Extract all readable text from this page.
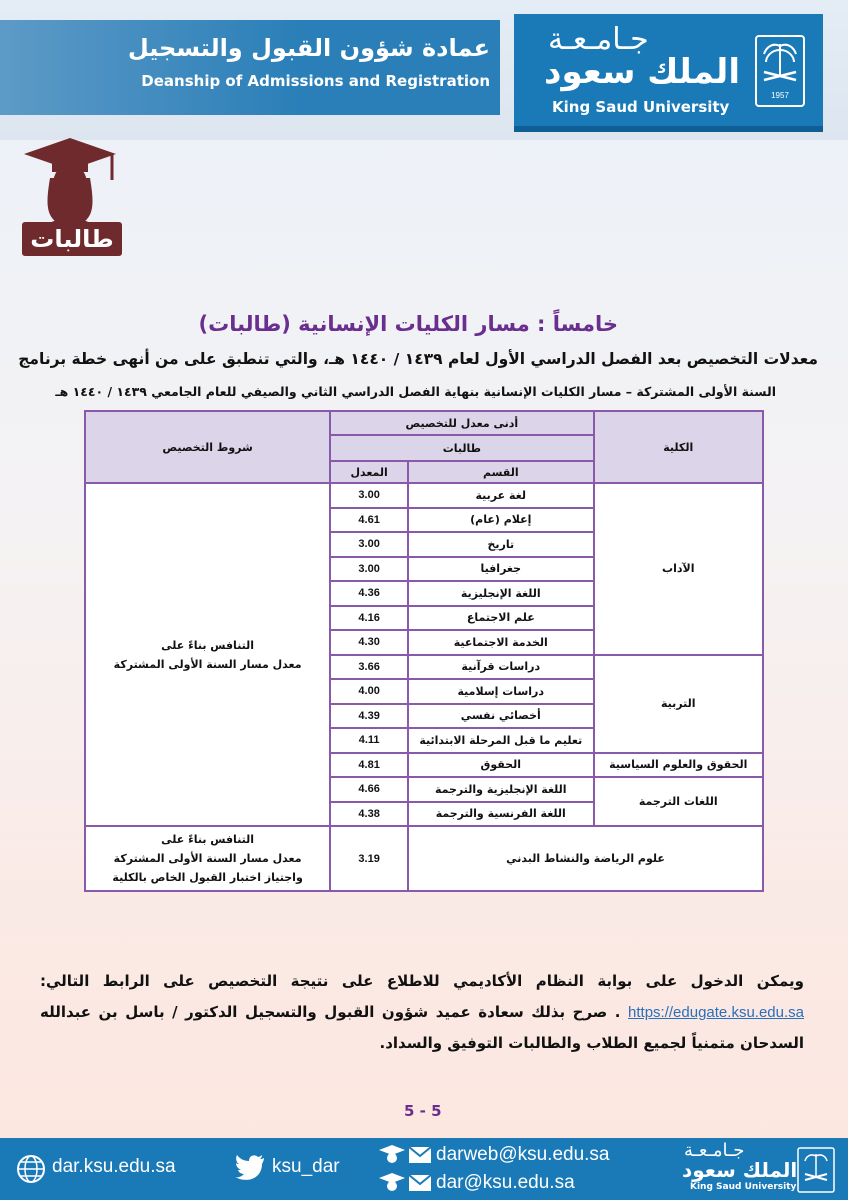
عمادة شؤون القبول والتسجيل
Deanship of Admissions and Registration
جـامـعـة
الملك سعود
King Saud University
1957
طالبات
خامساً : مسار الكليات الإنسانية (طالبات)
معدلات التخصيص بعد الفصل الدراسي الأول لعام ١٤٣٩ / ١٤٤٠ هـ، والتي تنطبق على من أنهى خطة برنامج
السنة الأولى المشتركة – مسار الكليات الإنسانية بنهاية الفصل الدراسي الثاني والصيفي للعام الجامعي ١٤٣٩ / ١٤٤٠ هـ
الكلية	أدنى معدل للتخصيص		شروط التخصيص
	طالبات		
	القسم	المعدل	
الآداب	لغة عربية	3.00	التنافس بناءً على
معدل مسار السنة الأولى المشتركة

	إعلام (عام)	4.61	
	تاريخ	3.00	
	جغرافيا	3.00	
	اللغة الإنجليزية	4.36	
	علم الاجتماع	4.16	
	الخدمة الاجتماعية	4.30	
التربية	دراسات قرآنية	3.66	
	دراسات إسلامية	4.00	
	أخصائي نفسي	4.39	
	تعليم ما قبل المرحلة الابتدائية	4.11	
الحقوق والعلوم السياسية	الحقوق	4.81	
اللغات الترجمة	اللغة الإنجليزية والترجمة	4.66	
	اللغة الفرنسية والترجمة	4.38	
علوم الرياضة والنشاط البدني		3.19	التنافس بناءً على
معدل مسار السنة الأولى المشتركة
واجتياز اختبار القبول الخاص بالكلية
ويمكن الدخول على بوابة النظام الأكاديمي للاطلاع على نتيجة التخصيص على الرابط التالي: https://edugate.ksu.edu.sa . صرح بذلك سعادة عميد شؤون القبول والتسجيل الدكتور / باسل بن عبدالله السدحان متمنياً لجميع الطلاب والطالبات التوفيق والسداد.
5 - 5
dar.ksu.edu.sa	ksu_dar
darweb@ksu.edu.sa
dar@ksu.edu.sa
جـامـعـة
الملك سعود
King Saud University
